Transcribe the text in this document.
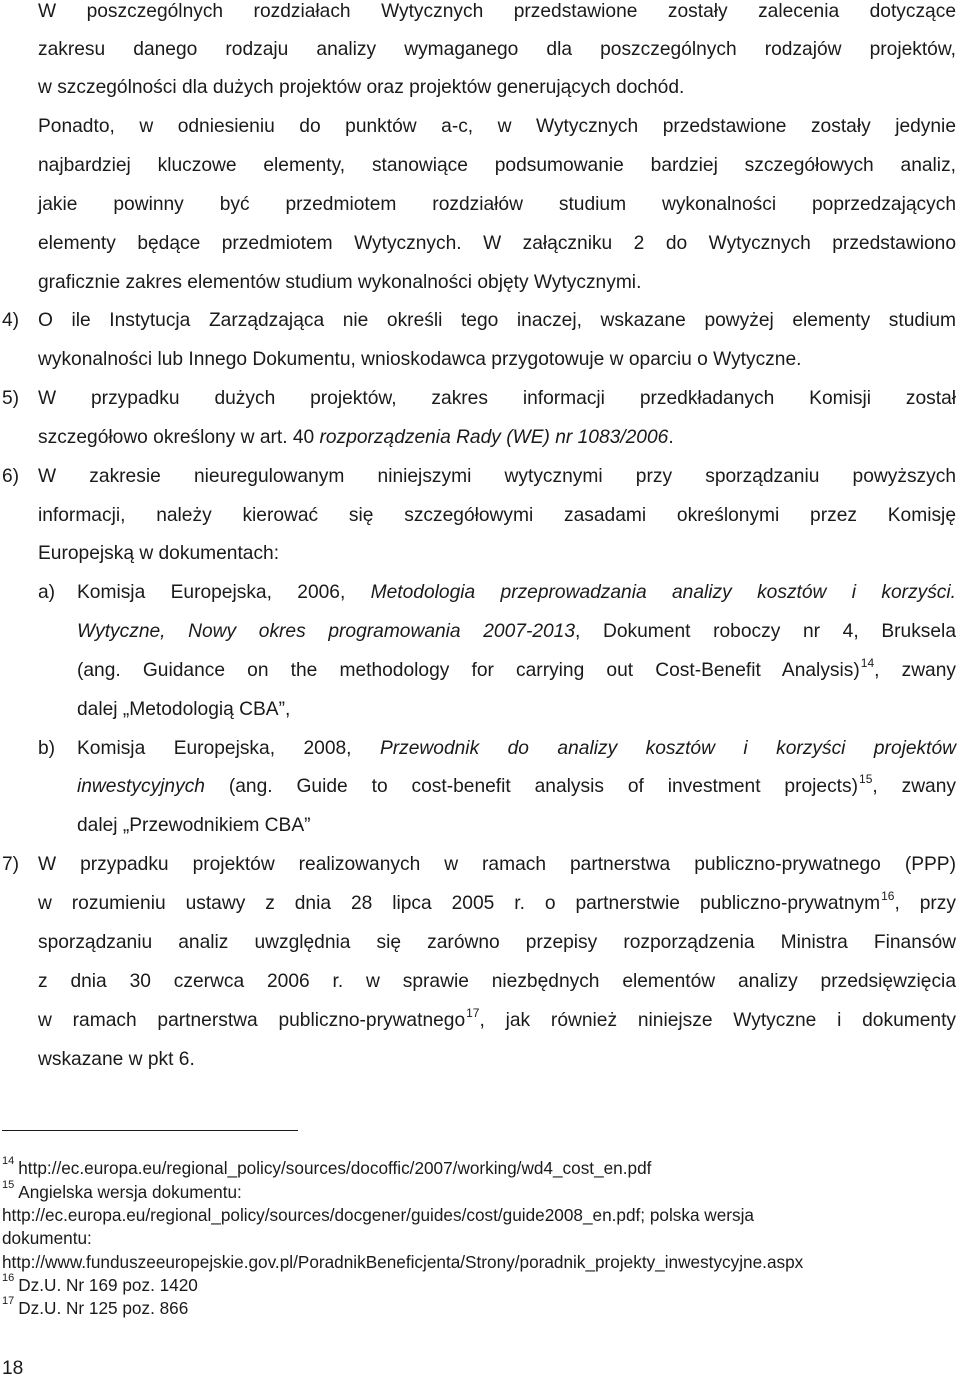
W poszczególnych rozdziałach Wytycznych przedstawione zostały zalecenia dotyczące
zakresu danego rodzaju analizy wymaganego dla poszczególnych rodzajów projektów,
w szczególności dla dużych projektów oraz projektów generujących dochód.
Ponadto, w odniesieniu do punktów a-c, w Wytycznych przedstawione zostały jedynie
najbardziej kluczowe elementy, stanowiące podsumowanie bardziej szczegółowych analiz,
jakie powinny być przedmiotem rozdziałów studium wykonalności poprzedzających
elementy będące przedmiotem Wytycznych. W załączniku 2 do Wytycznych przedstawiono
graficznie zakres elementów studium wykonalności objęty Wytycznymi.
4) O ile Instytucja Zarządzająca nie określi tego inaczej, wskazane powyżej elementy studium
wykonalności lub Innego Dokumentu, wnioskodawca przygotowuje w oparciu o Wytyczne.
5) W przypadku dużych projektów, zakres informacji przedkładanych Komisji został
szczegółowo określony w art. 40 rozporządzenia Rady (WE) nr 1083/2006.
6) W zakresie nieuregulowanym niniejszymi wytycznymi przy sporządzaniu powyższych
informacji, należy kierować się szczegółowymi zasadami określonymi przez Komisję
Europejską w dokumentach:
a) Komisja Europejska, 2006, Metodologia przeprowadzania analizy kosztów i korzyści.
Wytyczne, Nowy okres programowania 2007-2013, Dokument roboczy nr 4, Bruksela
(ang. Guidance on the methodology for carrying out Cost-Benefit Analysis)$^{14}$, zwany
dalej „Metodologią CBA”,
b) Komisja Europejska, 2008, Przewodnik do analizy kosztów i korzyści projektów
inwestycyjnych (ang. Guide to cost-benefit analysis of investment projects)$^{15}$, zwany
dalej „Przewodnikiem CBA”
7) W przypadku projektów realizowanych w ramach partnerstwa publiczno-prywatnego (PPP)
w rozumieniu ustawy z dnia 28 lipca 2005 r. o partnerstwie publiczno-prywatnym$^{16}$, przy
sporządzaniu analiz uwzględnia się zarówno przepisy rozporządzenia Ministra Finansów
z dnia 30 czerwca 2006 r. w sprawie niezbędnych elementów analizy przedsięwzięcia
w ramach partnerstwa publiczno-prywatnego$^{17}$, jak również niniejsze Wytyczne i dokumenty
wskazane w pkt 6.
$^{14}$ http://ec.europa.eu/regional_policy/sources/docoffic/2007/working/wd4_cost_en.pdf
$^{15}$ Angielska wersja dokumentu:
http://ec.europa.eu/regional_policy/sources/docgener/guides/cost/guide2008_en.pdf; polska wersja
dokumentu:
http://www.funduszeeuropejskie.gov.pl/PoradnikBeneficjenta/Strony/poradnik_projekty_inwestycyjne.aspx
$^{16}$ Dz.U. Nr 169 poz. 1420
$^{17}$ Dz.U. Nr 125 poz. 866
18
